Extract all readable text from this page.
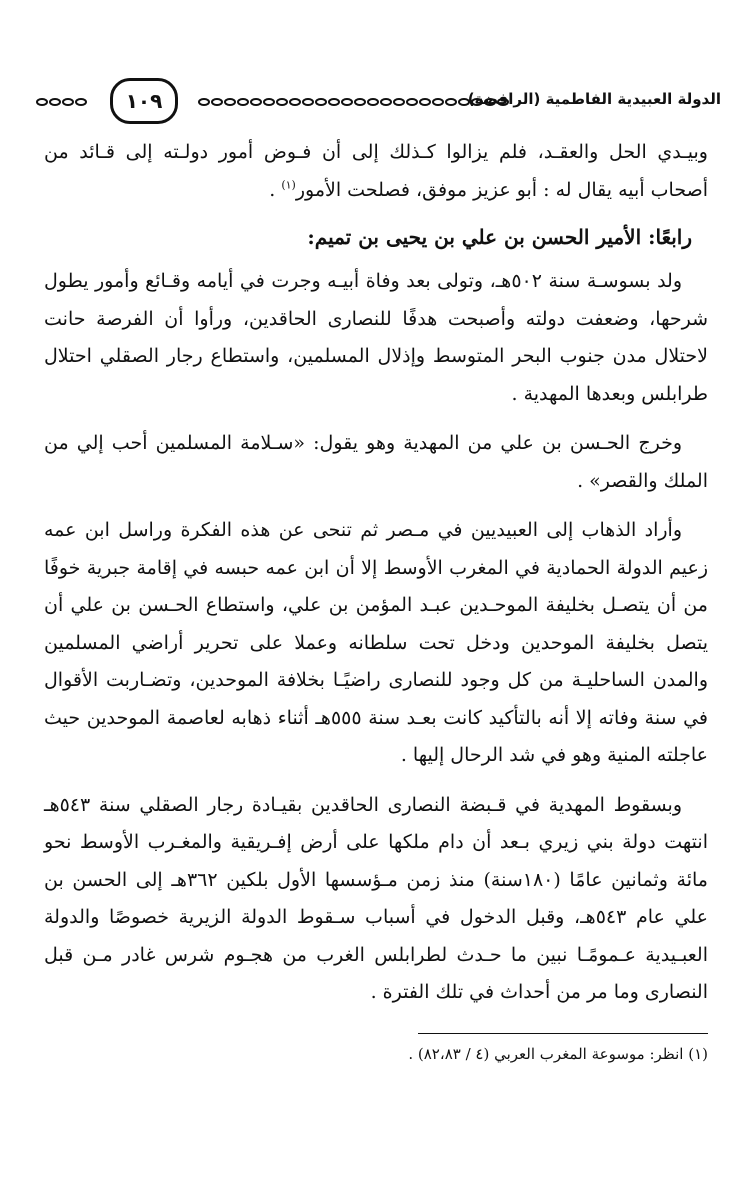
الدولة العبيدية الفاطمية (الرافضة)
١٠٩

وبيـدي الحل والعقـد، فلم يزالوا كـذلك إلى أن فـوض أمور دولـته إلى قـائد من أصحاب أبيه يقال له : أبو عزيز موفق، فصلحت الأمور$^{(١)}$ .

رابعًا: الأمير الحسن بن علي بن يحيى بن تميم:

ولد بسوسـة سنة ٥٠٢هـ، وتولى بعد وفاة أبيـه وجرت في أيامه وقـائع وأمور يطول شرحها، وضعفت دولته وأصبحت هدفًا للنصارى الحاقدين، ورأوا أن الفرصة حانت لاحتلال مدن جنوب البحر المتوسط وإذلال المسلمين، واستطاع رجار الصقلي احتلال طرابلس وبعدها المهدية .

وخرج الحـسن بن علي من المهدية وهو يقول: «سـلامة المسلمين أحب إلي من الملك والقصر» .

وأراد الذهاب إلى العبيديين في مـصر ثم تنحى عن هذه الفكرة وراسل ابن عمه زعيم الدولة الحمادية في المغرب الأوسط إلا أن ابن عمه حبسه في إقامة جبرية خوفًا من أن يتصـل بخليفة الموحـدين عبـد المؤمن بن علي، واستطاع الحـسن بن علي أن يتصل بخليفة الموحدين ودخل تحت سلطانه وعملا على تحرير أراضي المسلمين والمدن الساحليـة من كل وجود للنصارى راضيًـا بخلافة الموحدين، وتضـاربت الأقوال في سنة وفاته إلا أنه بالتأكيد كانت بعـد سنة ٥٥٥هـ أثناء ذهابه لعاصمة الموحدين حيث عاجلته المنية وهو في شد الرحال إليها .

وبسقوط المهدية في قـبضة النصارى الحاقدين بقيـادة رجار الصقلي سنة ٥٤٣هـ انتهت دولة بني زيري بـعد أن دام ملكها على أرض إفـريقية والمغـرب الأوسط نحو مائة وثمانين عامًا (١٨٠سنة) منذ زمن مـؤسسها الأول بلكين ٣٦٢هـ إلى الحسن بن علي عام ٥٤٣هـ، وقبل الدخول في أسباب سـقوط الدولة الزيرية خصوصًا والدولة العبـيدية عـمومًـا نبين ما حـدث لطرابلس الغرب من هجـوم شرس غادر مـن قبل النصارى وما مر من أحداث في تلك الفترة .

(١) انظر: موسوعة المغرب العربي (٤ / ٨٢،٨٣) .
